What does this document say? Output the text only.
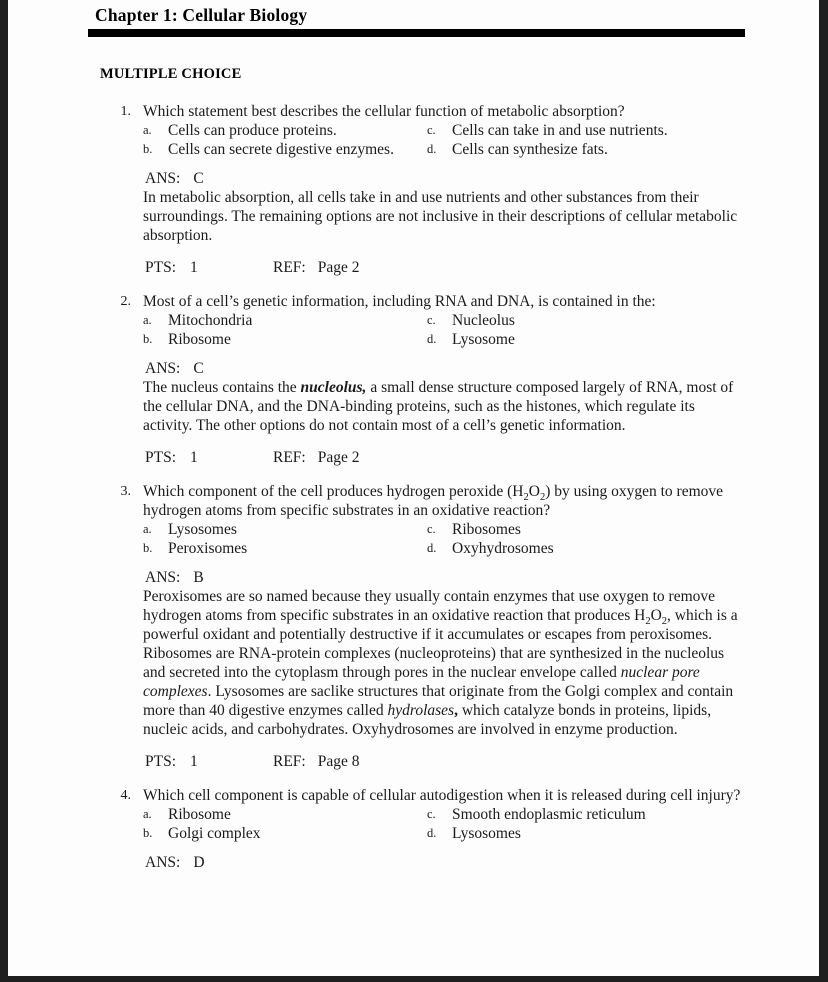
Chapter 1: Cellular Biology
MULTIPLE CHOICE
1. Which statement best describes the cellular function of metabolic absorption?
a.	Cells can produce proteins.
b.	Cells can secrete digestive enzymes.
c.	Cells can take in and use nutrients.
d.	Cells can synthesize fats.
ANS: C
In metabolic absorption, all cells take in and use nutrients and other substances from their surroundings. The remaining options are not inclusive in their descriptions of cellular metabolic absorption.
PTS: 1	REF: Page 2
2. Most of a cell’s genetic information, including RNA and DNA, is contained in the:
a.	Mitochondria
b.	Ribosome
c.	Nucleolus
d.	Lysosome
ANS: C
The nucleus contains the nucleolus, a small dense structure composed largely of RNA, most of the cellular DNA, and the DNA-binding proteins, such as the histones, which regulate its activity. The other options do not contain most of a cell’s genetic information.
PTS: 1	REF: Page 2
3. Which component of the cell produces hydrogen peroxide $(H_2O_2)$ by using oxygen to remove hydrogen atoms from specific substrates in an oxidative reaction?
a.	Lysosomes
b.	Peroxisomes
c.	Ribosomes
d.	Oxyhydrosomes
ANS: B
Peroxisomes are so named because they usually contain enzymes that use oxygen to remove hydrogen atoms from specific substrates in an oxidative reaction that produces $H_2O_2$, which is a powerful oxidant and potentially destructive if it accumulates or escapes from peroxisomes. Ribosomes are RNA-protein complexes (nucleoproteins) that are synthesized in the nucleolus and secreted into the cytoplasm through pores in the nuclear envelope called nuclear pore complexes. Lysosomes are saclike structures that originate from the Golgi complex and contain more than 40 digestive enzymes called hydrolases, which catalyze bonds in proteins, lipids, nucleic acids, and carbohydrates. Oxyhydrosomes are involved in enzyme production.
PTS: 1	REF: Page 8
4. Which cell component is capable of cellular autodigestion when it is released during cell injury?
a.	Ribosome
b.	Golgi complex
c.	Smooth endoplasmic reticulum
d.	Lysosomes
ANS: D
